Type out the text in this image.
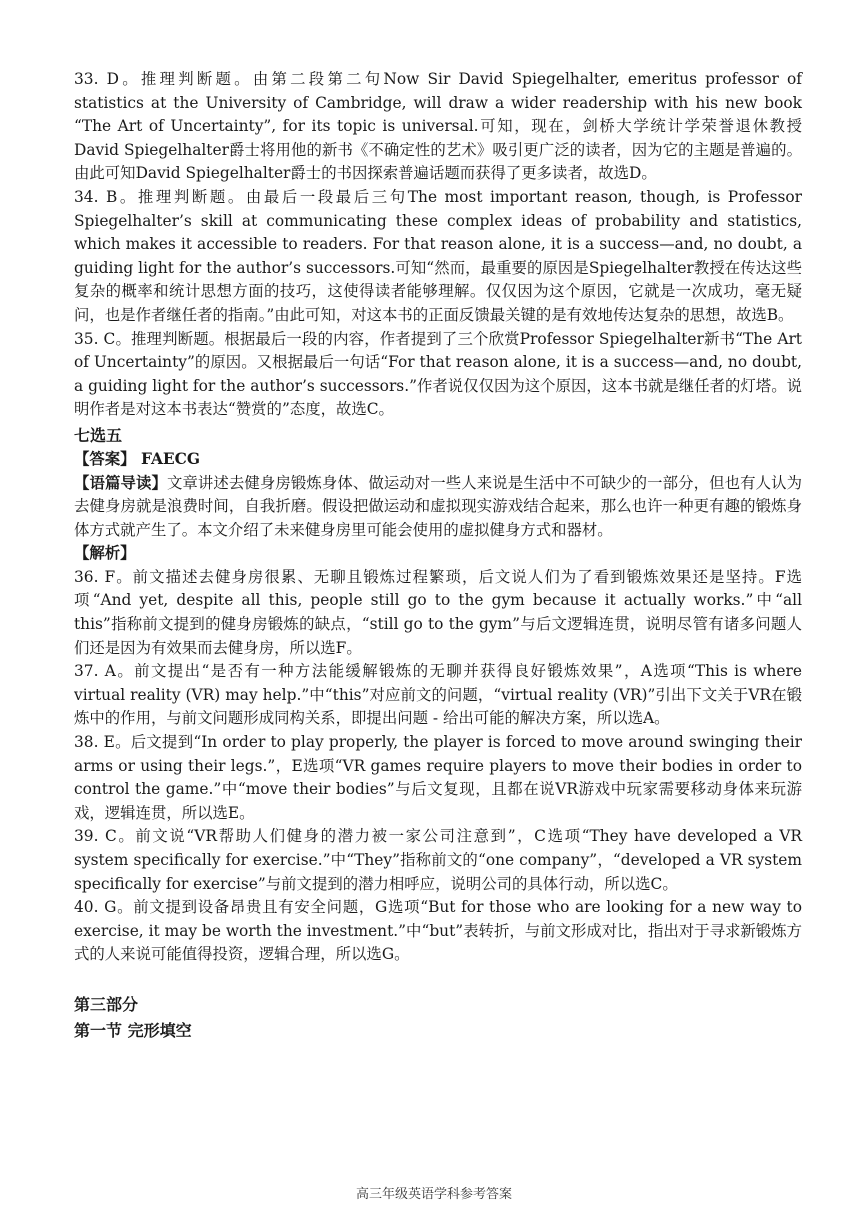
33. D。推理判断题。由第二段第二句Now Sir David Spiegelhalter, emeritus professor of statistics at the University of Cambridge, will draw a wider readership with his new book “The Art of Uncertainty”, for its topic is universal.可知，现在，剑桥大学统计学荣誉退休教授David Spiegelhalter爵士将用他的新书《不确定性的艺术》吸引更广泛的读者，因为它的主题是普遍的。由此可知David Spiegelhalter爵士的书因探索普遍话题而获得了更多读者，故选D。

34. B。推理判断题。由最后一段最后三句The most important reason, though, is Professor Spiegelhalter’s skill at communicating these complex ideas of probability and statistics, which makes it accessible to readers. For that reason alone, it is a success—and, no doubt, a guiding light for the author’s successors.可知“然而，最重要的原因是Spiegelhalter教授在传达这些复杂的概率和统计思想方面的技巧，这使得读者能够理解。仅仅因为这个原因，它就是一次成功，毫无疑问，也是作者继任者的指南。”由此可知，对这本书的正面反馈最关键的是有效地传达复杂的思想，故选B。

35. C。推理判断题。根据最后一段的内容，作者提到了三个欣赏Professor Spiegelhalter新书“The Art of Uncertainty”的原因。又根据最后一句话“For that reason alone, it is a success—and, no doubt, a guiding light for the author’s successors.”作者说仅仅因为这个原因，这本书就是继任者的灯塔。说明作者是对这本书表达“赞赏的”态度，故选C。

七选五

【答案】 FAECG

【语篇导读】文章讲述去健身房锻炼身体、做运动对一些人来说是生活中不可缺少的一部分，但也有人认为去健身房就是浪费时间，自我折磨。假设把做运动和虚拟现实游戏结合起来，那么也许一种更有趣的锻炼身体方式就产生了。本文介绍了未来健身房里可能会使用的虚拟健身方式和器材。

【解析】

36. F。前文描述去健身房很累、无聊且锻炼过程繁琐，后文说人们为了看到锻炼效果还是坚持。F选项“And yet, despite all this, people still go to the gym because it actually works.”中“all this”指称前文提到的健身房锻炼的缺点，“still go to the gym”与后文逻辑连贯，说明尽管有诸多问题人们还是因为有效果而去健身房，所以选F。

37. A。前文提出“是否有一种方法能缓解锻炼的无聊并获得良好锻炼效果”，A选项“This is where virtual reality (VR) may help.”中“this”对应前文的问题，“virtual reality (VR)”引出下文关于VR在锻炼中的作用，与前文问题形成同构关系，即提出问题 - 给出可能的解决方案，所以选A。

38. E。后文提到“In order to play properly, the player is forced to move around swinging their arms or using their legs.”，E选项“VR games require players to move their bodies in order to control the game.”中“move their bodies”与后文复现，且都在说VR游戏中玩家需要移动身体来玩游戏，逻辑连贯，所以选E。

39. C。前文说“VR帮助人们健身的潜力被一家公司注意到”，C选项“They have developed a VR system specifically for exercise.”中“They”指称前文的“one company”，“developed a VR system specifically for exercise”与前文提到的潜力相呼应，说明公司的具体行动，所以选C。

40. G。前文提到设备昂贵且有安全问题，G选项“But for those who are looking for a new way to exercise, it may be worth the investment.”中“but”表转折，与前文形成对比，指出对于寻求新锻炼方式的人来说可能值得投资，逻辑合理，所以选G。

第三部分

第一节 完形填空

高三年级英语学科参考答案
